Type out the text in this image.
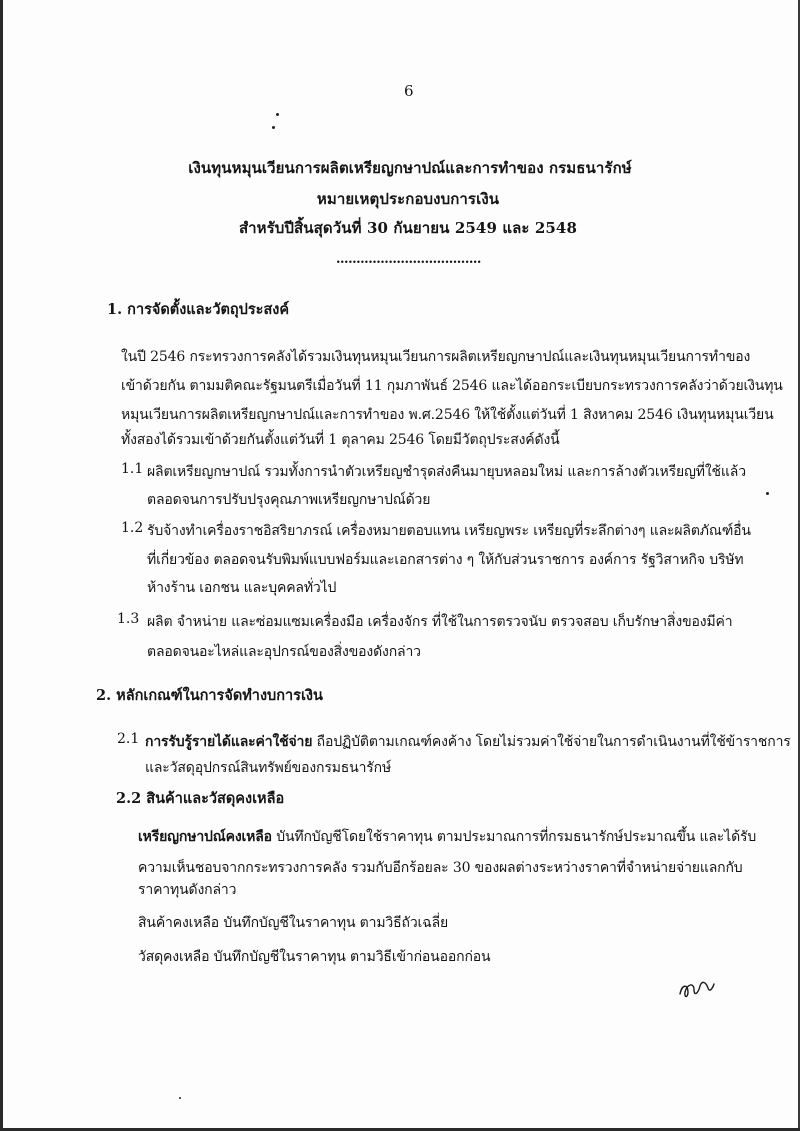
6
เงินทุนหมุนเวียนการผลิตเหรียญกษาปณ์และการทำของ กรมธนารักษ์
หมายเหตุประกอบงบการเงิน
สำหรับปีสิ้นสุดวันที่ 30 กันยายน 2549 และ 2548
....................................
1. การจัดตั้งและวัตถุประสงค์
ในปี 2546 กระทรวงการคลังได้รวมเงินทุนหมุนเวียนการผลิตเหรียญกษาปณ์และเงินทุนหมุนเวียนการทำของ
เข้าด้วยกัน ตามมติคณะรัฐมนตรีเมื่อวันที่ 11 กุมภาพันธ์ 2546 และได้ออกระเบียบกระทรวงการคลังว่าด้วยเงินทุน
หมุนเวียนการผลิตเหรียญกษาปณ์และการทำของ พ.ศ.2546 ให้ใช้ตั้งแต่วันที่ 1 สิงหาคม 2546 เงินทุนหมุนเวียน
ทั้งสองได้รวมเข้าด้วยกันตั้งแต่วันที่ 1 ตุลาคม 2546 โดยมีวัตถุประสงค์ดังนี้
1.1 ผลิตเหรียญกษาปณ์ รวมทั้งการนำตัวเหรียญชำรุดส่งคืนมายุบหลอมใหม่ และการล้างตัวเหรียญที่ใช้แล้ว
ตลอดจนการปรับปรุงคุณภาพเหรียญกษาปณ์ด้วย
1.2 รับจ้างทำเครื่องราชอิสริยาภรณ์ เครื่องหมายตอบแทน เหรียญพระ เหรียญที่ระลึกต่างๆ และผลิตภัณฑ์อื่น
ที่เกี่ยวข้อง ตลอดจนรับพิมพ์แบบฟอร์มและเอกสารต่าง ๆ ให้กับส่วนราชการ องค์การ รัฐวิสาหกิจ บริษัท
ห้างร้าน เอกชน และบุคคลทั่วไป
1.3 ผลิต จำหน่าย และซ่อมแซมเครื่องมือ เครื่องจักร ที่ใช้ในการตรวจนับ ตรวจสอบ เก็บรักษาสิ่งของมีค่า
ตลอดจนอะไหล่และอุปกรณ์ของสิ่งของดังกล่าว
2. หลักเกณฑ์ในการจัดทำงบการเงิน
2.1 การรับรู้รายได้และค่าใช้จ่าย ถือปฏิบัติตามเกณฑ์คงค้าง โดยไม่รวมค่าใช้จ่ายในการดำเนินงานที่ใช้ข้าราชการ
และวัสดุอุปกรณ์สินทรัพย์ของกรมธนารักษ์
2.2 สินค้าและวัสดุคงเหลือ
เหรียญกษาปณ์คงเหลือ บันทึกบัญชีโดยใช้ราคาทุน ตามประมาณการที่กรมธนารักษ์ประมาณขึ้น และได้รับ
ความเห็นชอบจากกระทรวงการคลัง รวมกับอีกร้อยละ 30 ของผลต่างระหว่างราคาที่จำหน่ายจ่ายแลกกับ
ราคาทุนดังกล่าว
สินค้าคงเหลือ บันทึกบัญชีในราคาทุน ตามวิธีถัวเฉลี่ย
วัสดุคงเหลือ บันทึกบัญชีในราคาทุน ตามวิธีเข้าก่อนออกก่อน
